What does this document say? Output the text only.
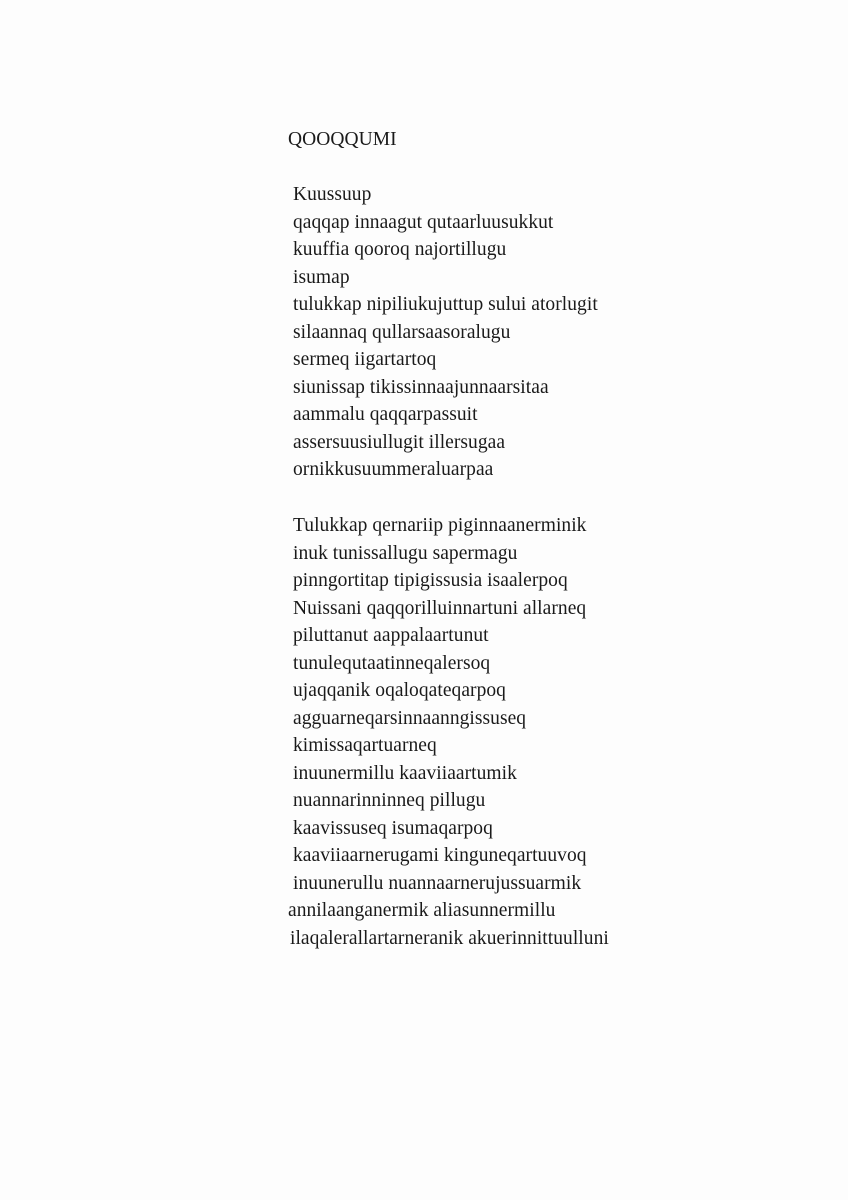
QOOQQUMI
Kuussuup
qaqqap innaagut qutaarluusukkut
kuuffia qooroq najortillugu
isumap
tulukkap nipiliukujuttup sului atorlugit
silaannaq qullarsaasoralugu
sermeq iigartartoq
siunissap tikissinnaajunnaarsitaa
aammalu qaqqarpassuit
assersuusiullugit illersugaa
ornikkusuummeraluarpaa
Tulukkap qernariip piginnaanerminik
inuk tunissallugu sapermagu
pinngortitap tipigissusia isaalerpoq
Nuissani qaqqorilluinnartuni allarneq
piluttanut aappalaartunut
tunulequtaatinneqalersoq
ujaqqanik oqaloqateqarpoq
agguarneqarsinnaanngissuseq
kimissaqartuarneq
inuunermillu kaaviiaartumik
nuannarinninneq pillugu
kaavissuseq isumaqarpoq
kaaviiaarnerugami kinguneqartuuvoq
inuunerullu nuannaarnerujussuarmik
annilaanganermik aliasunnermillu
ilaqalerallartarneranik akuerinnittuulluni
